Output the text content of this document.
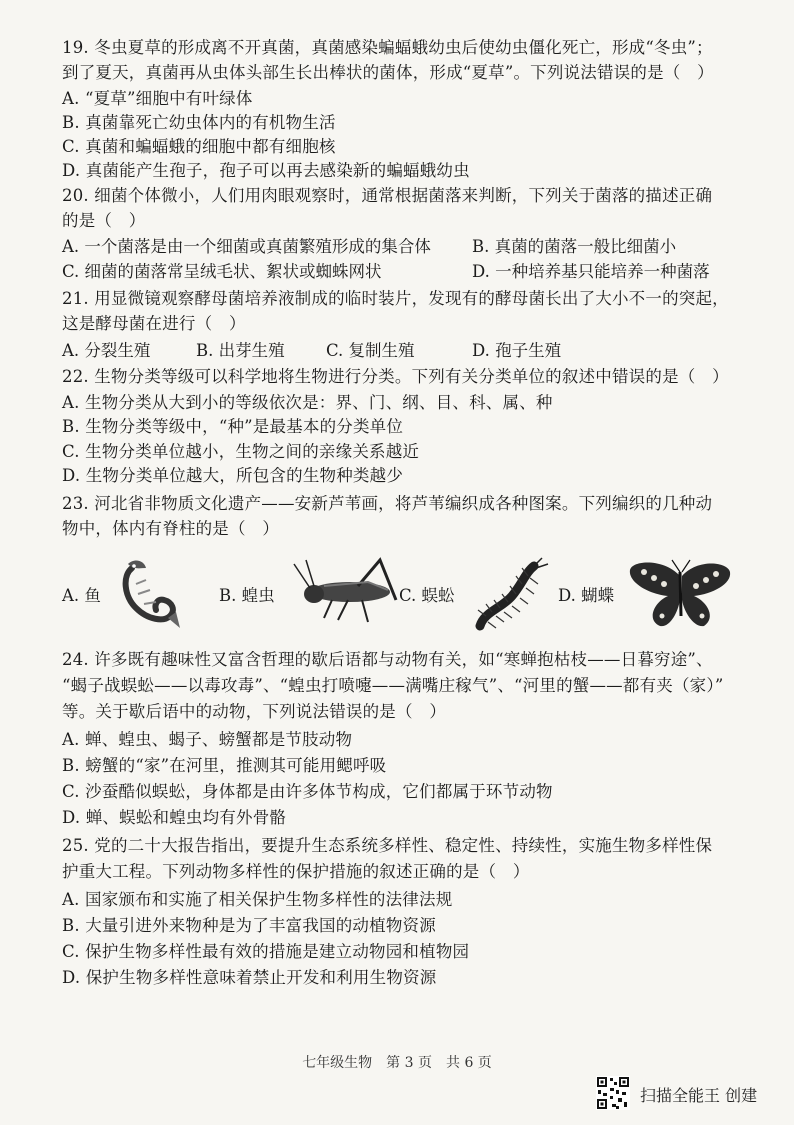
19. 冬虫夏草的形成离不开真菌，真菌感染蝙蝠蛾幼虫后使幼虫僵化死亡，形成“冬虫”；
到了夏天，真菌再从虫体头部生长出棒状的菌体，形成“夏草”。下列说法错误的是（　）
A. “夏草”细胞中有叶绿体
B. 真菌靠死亡幼虫体内的有机物生活
C. 真菌和蝙蝠蛾的细胞中都有细胞核
D. 真菌能产生孢子，孢子可以再去感染新的蝙蝠蛾幼虫
20. 细菌个体微小，人们用肉眼观察时，通常根据菌落来判断，下列关于菌落的描述正确
的是（　）
A. 一个菌落是由一个细菌或真菌繁殖形成的集合体 B. 真菌的菌落一般比细菌小
C. 细菌的菌落常呈绒毛状、絮状或蜘蛛网状	D. 一种培养基只能培养一种菌落
21. 用显微镜观察酵母菌培养液制成的临时装片，发现有的酵母菌长出了大小不一的突起，
这是酵母菌在进行（　）
A. 分裂生殖	B. 出芽生殖	C. 复制生殖	D. 孢子生殖
22. 生物分类等级可以科学地将生物进行分类。下列有关分类单位的叙述中错误的是（　）
A. 生物分类从大到小的等级依次是：界、门、纲、目、科、属、种
B. 生物分类等级中，“种”是最基本的分类单位
C. 生物分类单位越小，生物之间的亲缘关系越近
D. 生物分类单位越大，所包含的生物种类越少
23. 河北省非物质文化遗产——安新芦苇画，将芦苇编织成各种图案。下列编织的几种动
物中，体内有脊柱的是（　）
A. 鱼	B. 蝗虫	C. 蜈蚣	D. 蝴蝶
24. 许多既有趣味性又富含哲理的歇后语都与动物有关，如“寒蝉抱枯枝——日暮穷途”、
“蝎子战蜈蚣——以毒攻毒”、“蝗虫打喷嚏——满嘴庄稼气”、“河里的蟹——都有夹（家）”
等。关于歇后语中的动物，下列说法错误的是（　）
A. 蝉、蝗虫、蝎子、螃蟹都是节肢动物
B. 螃蟹的“家”在河里，推测其可能用鳃呼吸
C. 沙蚕酷似蜈蚣，身体都是由许多体节构成，它们都属于环节动物
D. 蝉、蜈蚣和蝗虫均有外骨骼
25. 党的二十大报告指出，要提升生态系统多样性、稳定性、持续性，实施生物多样性保
护重大工程。下列动物多样性的保护措施的叙述正确的是（　）
A. 国家颁布和实施了相关保护生物多样性的法律法规
B. 大量引进外来物种是为了丰富我国的动植物资源
C. 保护生物多样性最有效的措施是建立动物园和植物园
D. 保护生物多样性意味着禁止开发和利用生物资源
七年级生物　第 3 页　共 6 页
扫描全能王 创建
